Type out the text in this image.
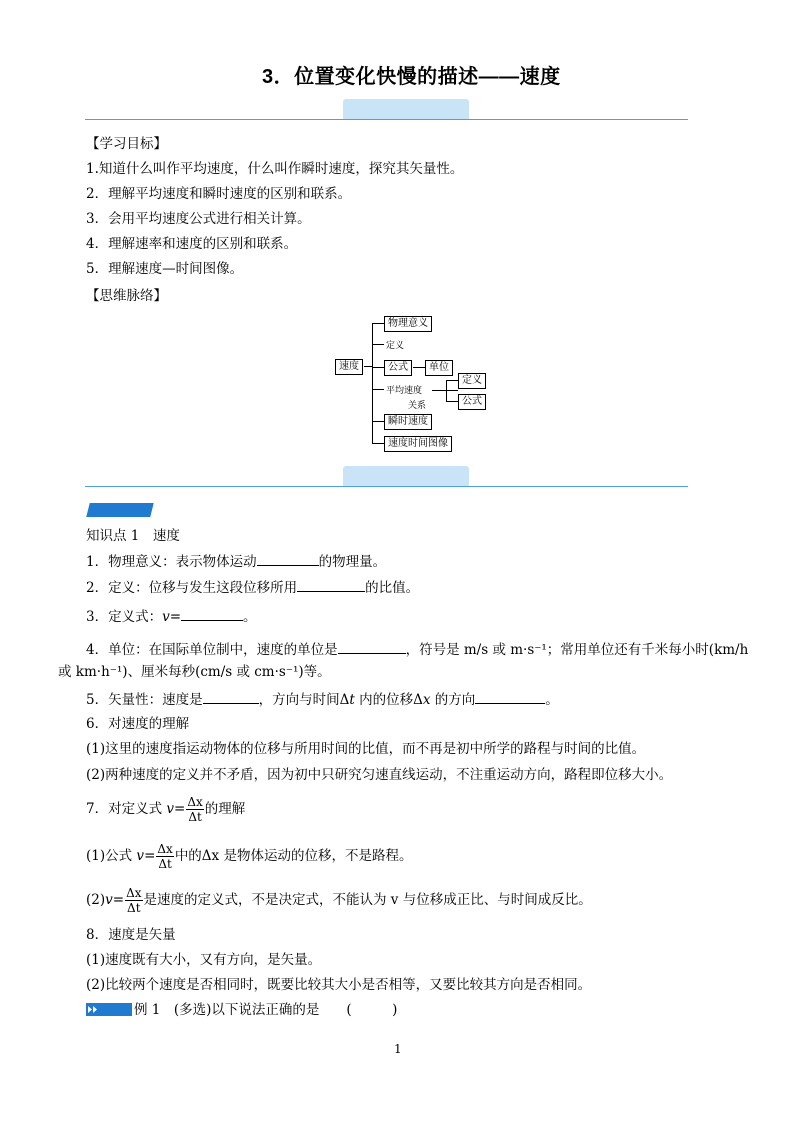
3．位置变化快慢的描述——速度
【学习目标】
1.知道什么叫作平均速度，什么叫作瞬时速度，探究其矢量性。
2．理解平均速度和瞬时速度的区别和联系。
3．会用平均速度公式进行相关计算。
4．理解速率和速度的区别和联系。
5．理解速度—时间图像。
【思维脉络】
速度
物理意义
定义
公式	单位
平均速度
关系
定义
公式
瞬时速度
速度时间图像
知识点 1　速度
1．物理意义：表示物体运动	的物理量。
2．定义：位移与发生这段位移所用	的比值。
3．定义式：v=	。
4．单位：在国际单位制中，速度的单位是	，符号是 m/s 或 m·s⁻¹；常用单位还有千米每小时(km/h
或 km·h⁻¹)、厘米每秒(cm/s 或 cm·s⁻¹)等。
5．矢量性：速度是	，方向与时间Δt 内的位移Δx 的方向	。
6．对速度的理解
(1)这里的速度指运动物体的位移与所用时间的比值，而不再是初中所学的路程与时间的比值。
(2)两种速度的定义并不矛盾，因为初中只研究匀速直线运动，不注重运动方向，路程即位移大小。
7．对定义式 $v= \frac{\Delta x}{\Delta t}$ 的理解
(1)公式 $v= \frac{\Delta x}{\Delta t}$ 中的Δx 是物体运动的位移，不是路程。
$(2)v= \frac{\Delta x}{\Delta t}$ 是速度的定义式，不是决定式，不能认为 v 与位移成正比、与时间成反比。
8．速度是矢量
(1)速度既有大小，又有方向，是矢量。
(2)比较两个速度是否相同时，既要比较其大小是否相等，又要比较其方向是否相同。
例 1　(多选)以下说法正确的是　　(　　　)
1
